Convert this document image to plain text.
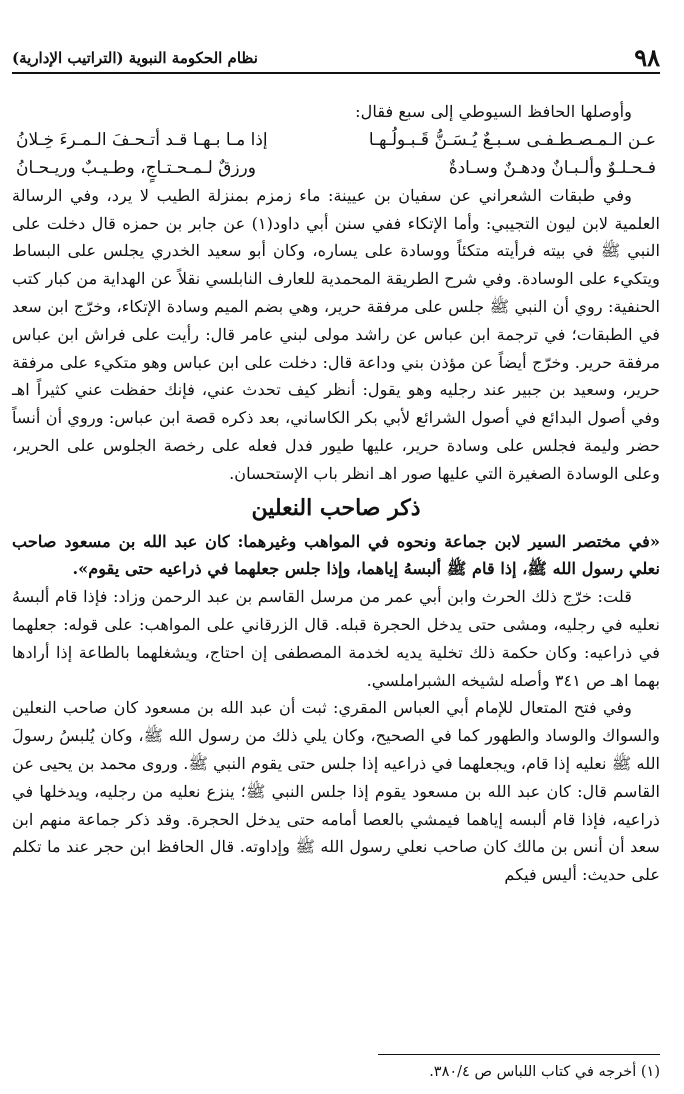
٩٨
نظام الحكومة النبوية (التراتيب الإدارية)

وأوصلها الحافظ السيوطي إلى سبع فقال:

عـن الـمـصـطـفـى سـبـعٌ يُـسَـنُّ قَـبـولُـهـا
إذا مـا بـهـا قـد أتـحـفَ الـمـرءَ خِـلانُ
فـحـلـوٌ وألـبـانٌ ودهـنٌ وسـادةٌ
ورزقٌ لـمـحـتـاجٍ، وطـيـبٌ وريـحـانُ

وفي طبقات الشعراني عن سفيان بن عيينة: ماء زمزم بمنزلة الطيب لا يرد، وفي الرسالة العلمية لابن ليون التجيبي: وأما الإتكاء ففي سنن أبي داود(١) عن جابر بن حمزه قال دخلت على النبي ﷺ في بيته فرأيته متكئاً ووسادة على يساره، وكان أبو سعيد الخدري يجلس على البساط ويتكيء على الوسادة. وفي شرح الطريقة المحمدية للعارف النابلسي نقلاً عن الهداية من كبار كتب الحنفية: روي أن النبي ﷺ جلس على مرفقة حرير، وهي بضم الميم وسادة الإتكاء، وخرّج ابن سعد في الطبقات؛ في ترجمة ابن عباس عن راشد مولى لبني عامر قال: رأيت على فراش ابن عباس مرفقة حرير. وخرّج أيضاً عن مؤذن بني وداعة قال: دخلت على ابن عباس وهو متكيء على مرفقة حرير، وسعيد بن جبير عند رجليه وهو يقول: أنظر كيف تحدث عني، فإنك حفظت عني كثيراً اهـ وفي أصول البدائع في أصول الشرائع لأبي بكر الكاساني، بعد ذكره قصة ابن عباس: وروي أن أنساً حضر وليمة فجلس على وسادة حرير، عليها طيور فدل فعله على رخصة الجلوس على الحرير، وعلى الوسادة الصغيرة التي عليها صور اهـ انظر باب الإستحسان.

ذكر صاحب النعلين

«في مختصر السير لابن جماعة ونحوه في المواهب وغيرهما: كان عبد الله بن مسعود صاحب نعلي رسول الله ﷺ، إذا قام ﷺ ألبسهُ إياهما، وإذا جلس جعلهما في ذراعيه حتى يقوم».

قلت: خرّج ذلك الحرث وابن أبي عمر من مرسل القاسم بن عبد الرحمن وزاد: فإذا قام ألبسهُ نعليه في رجليه، ومشى حتى يدخل الحجرة قبله. قال الزرقاني على المواهب: على قوله: جعلهما في ذراعيه: وكان حكمة ذلك تخلية يديه لخدمة المصطفى إن احتاج، ويشغلهما بالطاعة إذا أرادها بهما اهـ ص ٣٤١ وأصله لشيخه الشبراملسي.

وفي فتح المتعال للإمام أبي العباس المقري: ثبت أن عبد الله بن مسعود كان صاحب النعلين والسواك والوساد والطهور كما في الصحيح، وكان يلي ذلك من رسول الله ﷺ، وكان يُلبسُ رسولَ الله ﷺ نعليه إذا قام، ويجعلهما في ذراعيه إذا جلس حتى يقوم النبي ﷺ. وروى محمد بن يحيى عن القاسم قال: كان عبد الله بن مسعود يقوم إذا جلس النبي ﷺ؛ ينزع نعليه من رجليه، ويدخلها في ذراعيه، فإذا قام ألبسه إياهما فيمشي بالعصا أمامه حتى يدخل الحجرة. وقد ذكر جماعة منهم ابن سعد أن أنس بن مالك كان صاحب نعلي رسول الله ﷺ وإداوته. قال الحافظ ابن حجر عند ما تكلم على حديث: أليس فيكم

(١) أخرجه في كتاب اللباس ص ٣٨٠/٤.
